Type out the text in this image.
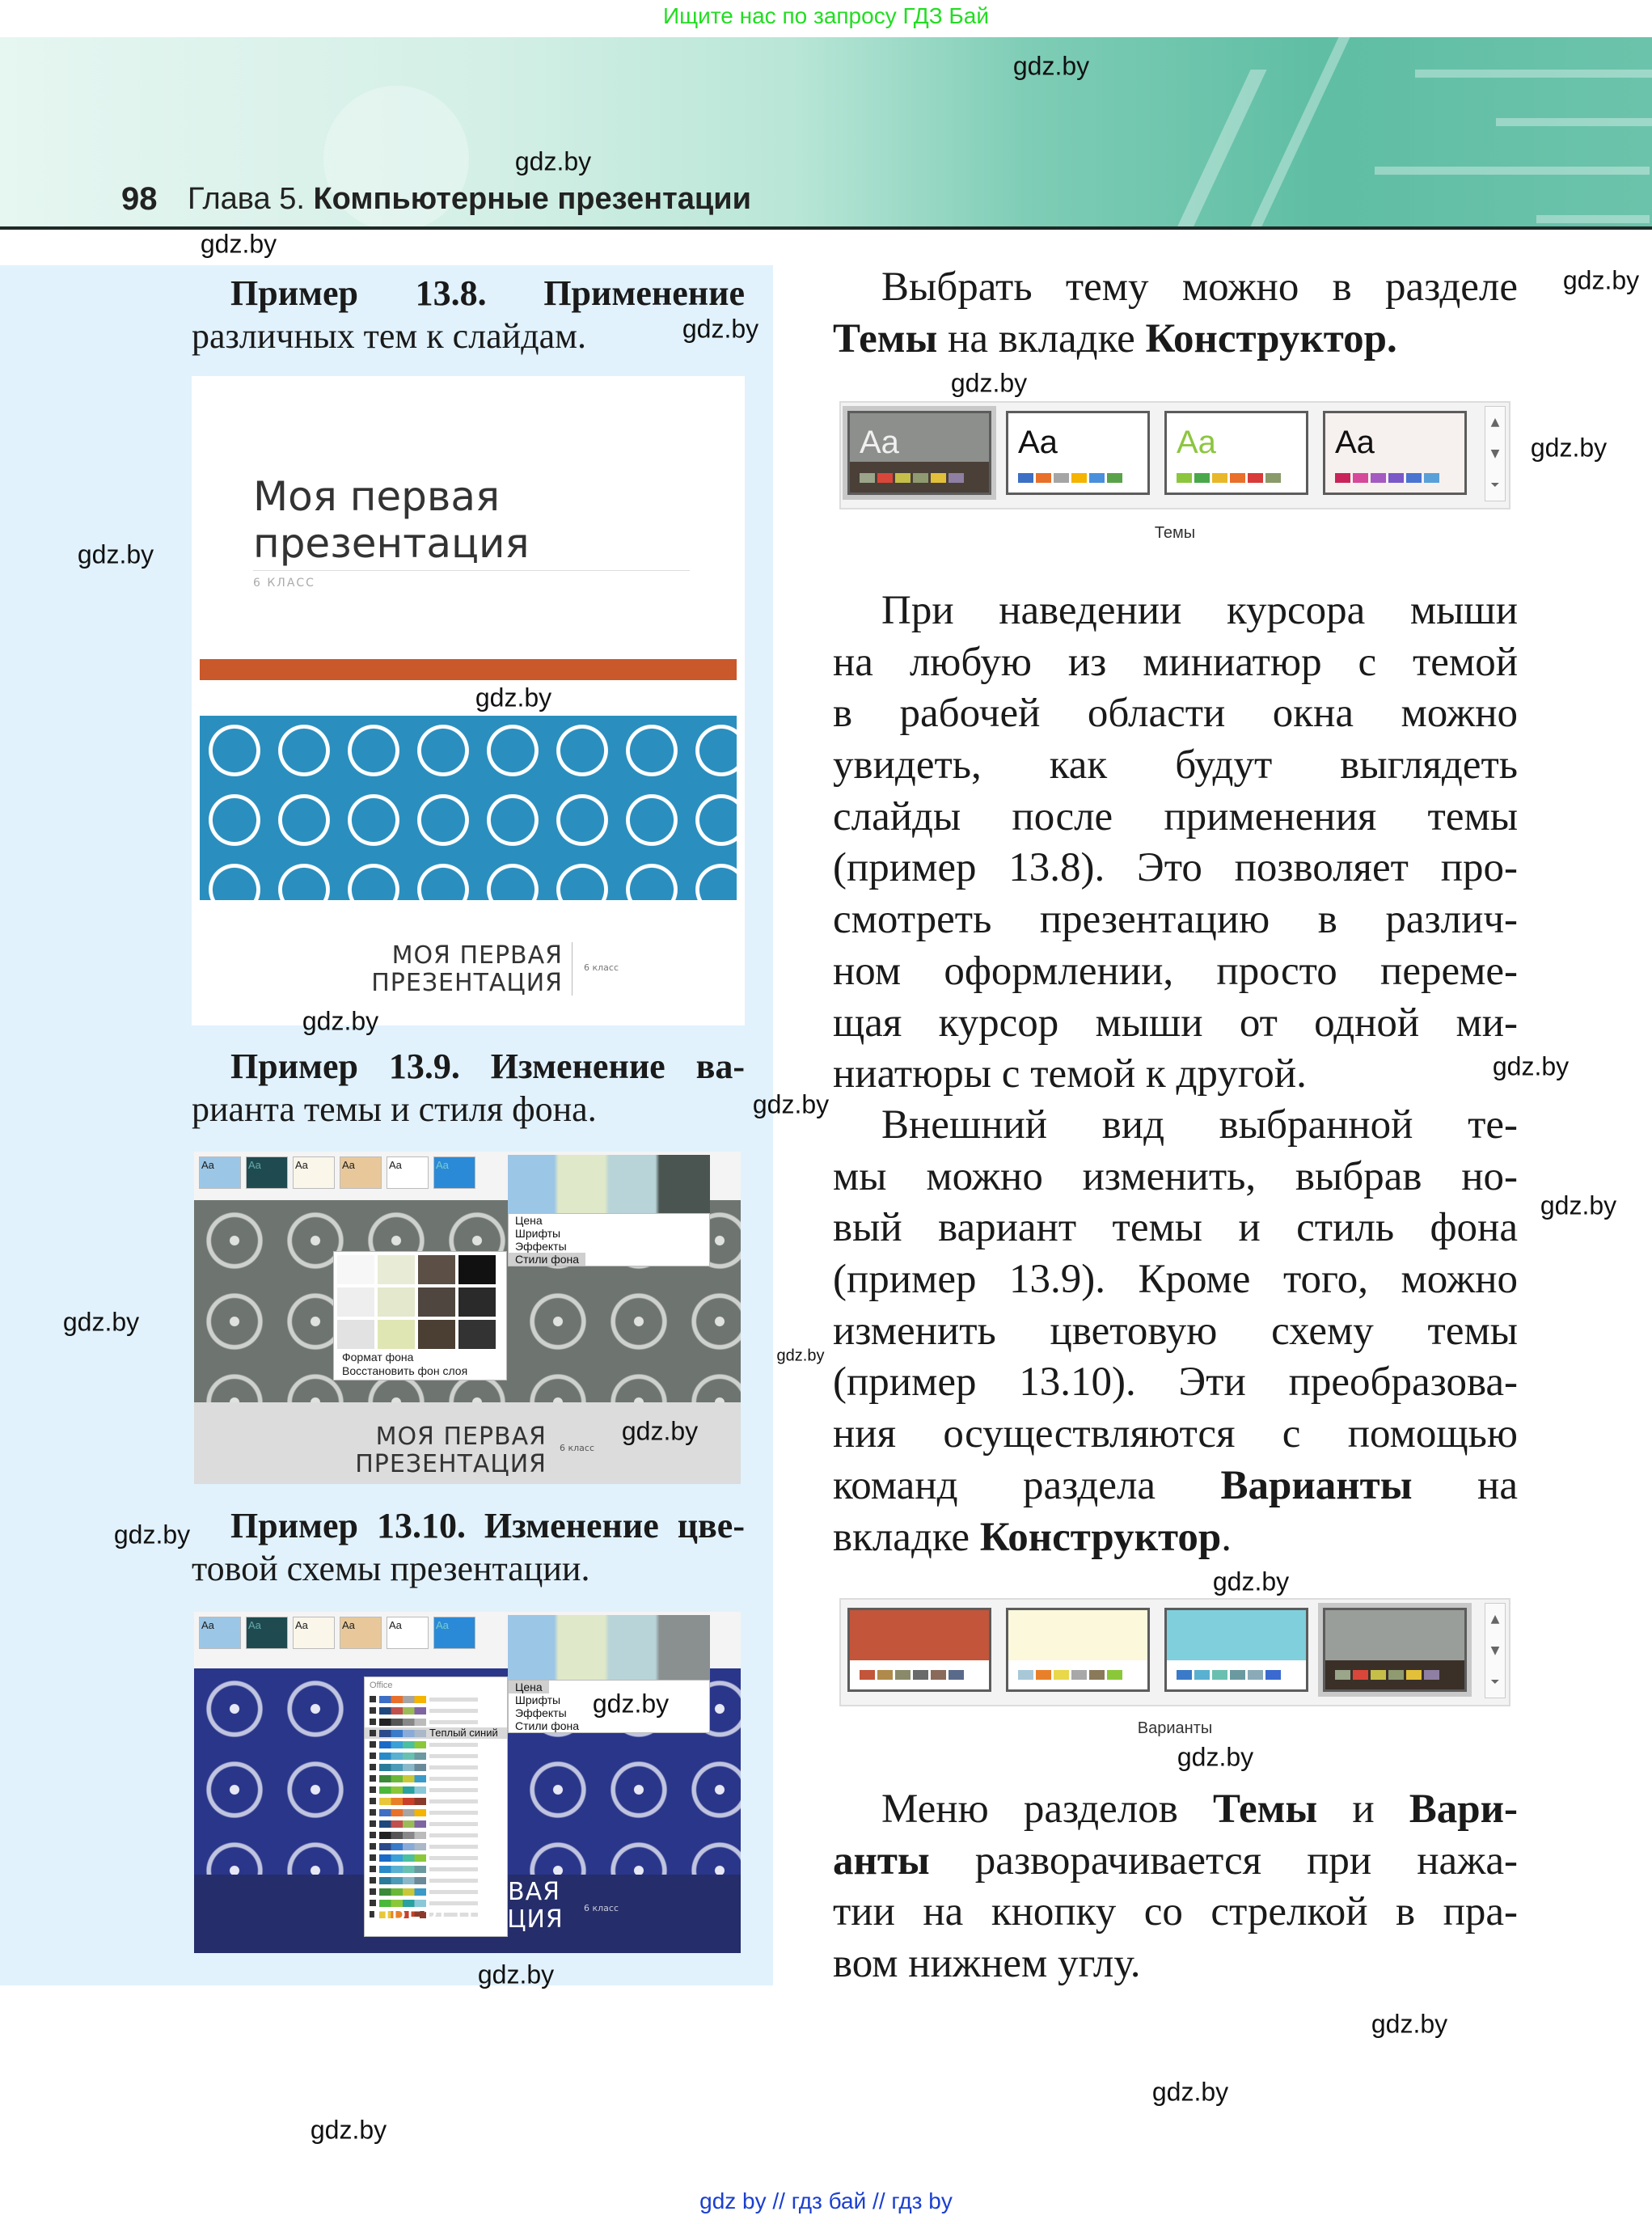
Ищите нас по запросу ГДЗ Бай
98 Глава 5. Компьютерные презентации
Пример 13.8. Применение
различных тем к слайдам.
Моя первая
презентация
6 КЛАСС
МОЯ ПЕРВАЯ
ПРЕЗЕНТАЦИЯ
6 класс
Пример 13.9. Изменение ва-
рианта темы и стиля фона.
Aa	Aa	Aa	Aa	Aa	Aa
Цена
Шрифты
Эффекты
Стили фона
Формат фона
Восстановить фон слоя
МОЯ ПЕРВАЯ
ПРЕЗЕНТАЦИЯ
6 класс
Пример 13.10. Изменение цве-
товой схемы презентации.
Aa	Aa	Aa	Aa	Aa	Aa
Цена
Шрифты
Эффекты
Стили фона
Office
Теплый синий
ВАЯ
ПРЕЗЕНТАЦИЯ 6 класс
Выбрать тему можно в разделе
Темы на вкладке Конструктор.
Aa	Aa	Aa	Aa
▲
▼
⏷
Темы
При наведении курсора мыши
на любую из миниатюр с темой
в рабочей области окна можно
увидеть, как будут выглядеть
слайды после применения темы
(пример 13.8). Это позволяет про-
смотреть презентацию в различ-
ном оформлении, просто переме-
щая курсор мыши от одной ми-
ниатюры с темой к другой.
Внешний вид выбранной те-
мы можно изменить, выбрав но-
вый вариант темы и стиль фона
(пример 13.9). Кроме того, можно
изменить цветовую схему темы
(пример 13.10). Эти преобразова-
ния осуществляются с помощью
команд раздела Варианты на
вкладке Конструктор.
▲
▼
⏷
Варианты
Меню разделов Темы и Вари-
анты разворачивается при нажа-
тии на кнопку со стрелкой в пра-
вом нижнем углу.
gdz.by
gdz.by
gdz.by
gdz.by
gdz.by
gdz.by
gdz.by
gdz.by
gdz.by
gdz.by
gdz.by
gdz.by
gdz.by
gdz.by
gdz.by
gdz.by
gdz.by
gdz.by
gdz.by
gdz.by
gdz.by
gdz.by
gdz.by
gdz.by
gdz by // гдз бай // гдз by
